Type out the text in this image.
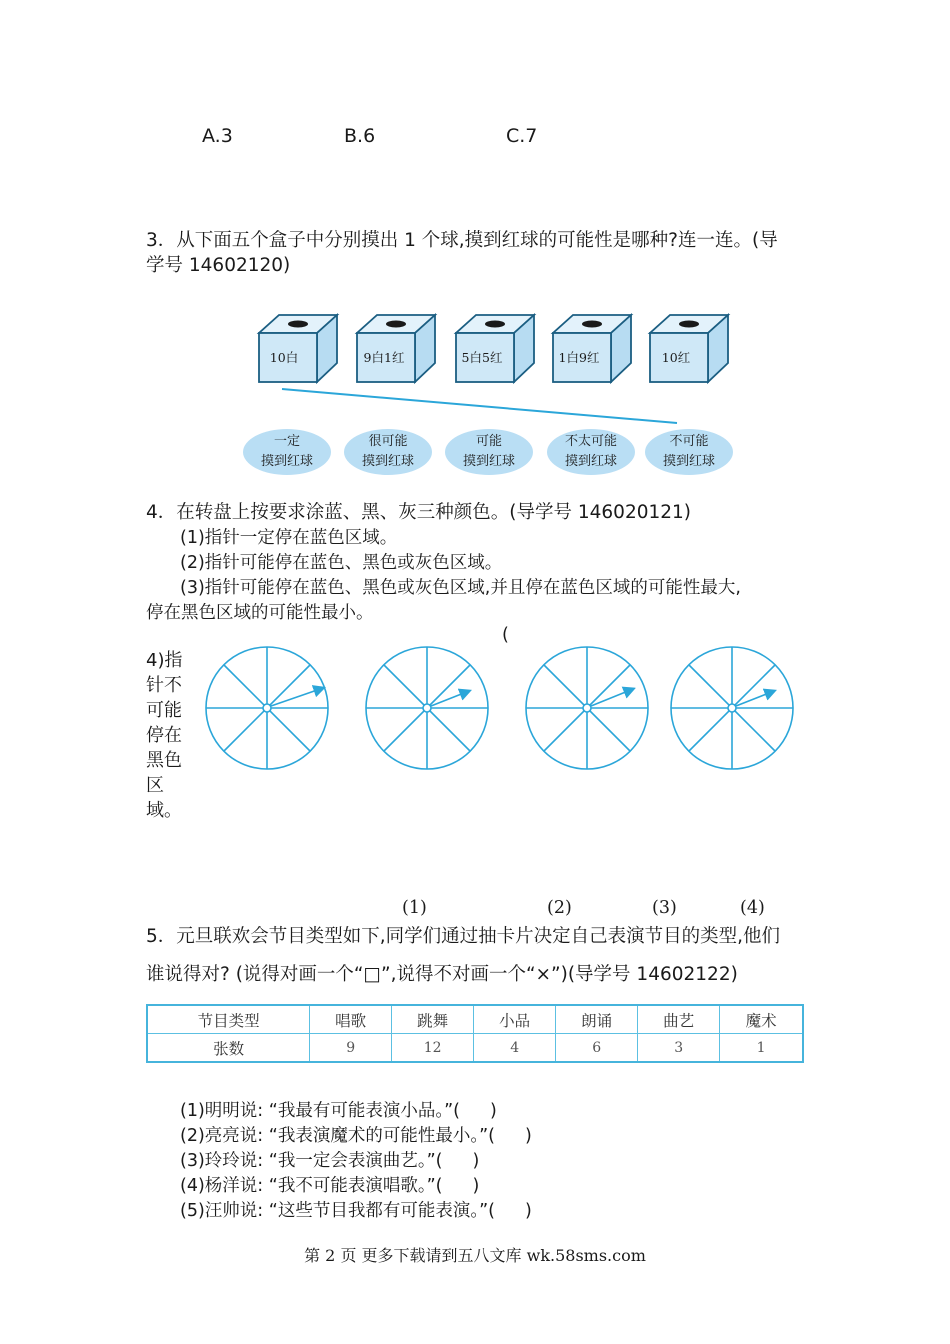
A.3	B.6	C.7
3．从下面五个盒子中分别摸出 1 个球,摸到红球的可能性是哪种?连一连。(导
学号 14602120)
10白	9白1红	5白5红	1白9红	10红
一定
摸到红球
很可能
摸到红球
可能
摸到红球
不太可能
摸到红球
不可能
摸到红球
4．在转盘上按要求涂蓝、黑、灰三种颜色。(导学号 146020121)
(1)指针一定停在蓝色区域。
(2)指针可能停在蓝色、黑色或灰色区域。
(3)指针可能停在蓝色、黑色或灰色区域,并且停在蓝色区域的可能性最大,
停在黑色区域的可能性最小。
(
4)指
针不
可能
停在
黑色
区域。
(1)	(2)	(3)	(4)
5．元旦联欢会节目类型如下,同学们通过抽卡片决定自己表演节目的类型,他们
谁说得对? (说得对画一个“□”,说得不对画一个“×”)(导学号 14602122)
节目类型	唱歌	跳舞	小品	朗诵	曲艺	魔术
张数	9	12	4	6	3	1
(1)明明说: “我最有可能表演小品。”( )
(2)亮亮说: “我表演魔术的可能性最小。”( )
(3)玲玲说: “我一定会表演曲艺。”( )
(4)杨洋说: “我不可能表演唱歌。”( )
(5)汪帅说: “这些节目我都有可能表演。”( )
第 2 页 更多下载请到五八文库 wk.58sms.com
